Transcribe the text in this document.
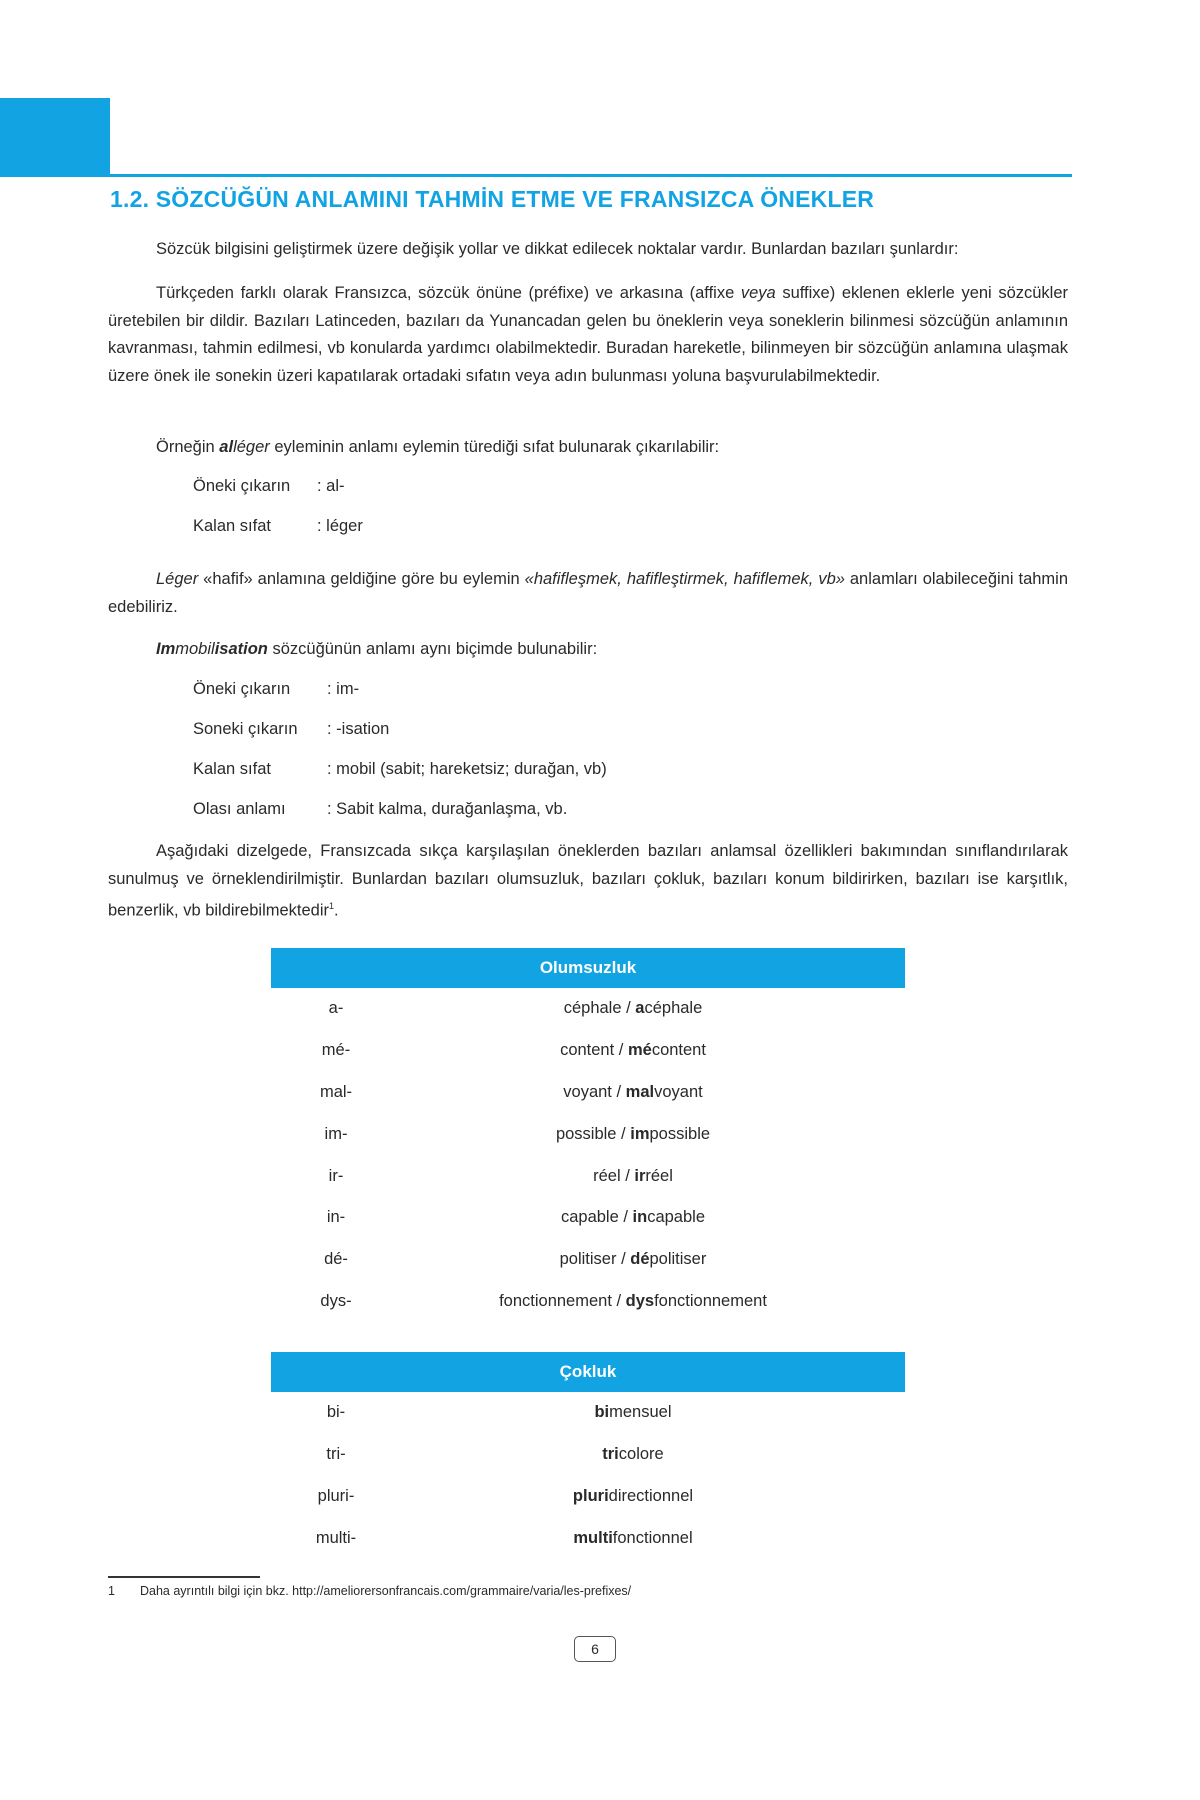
1.2. SÖZCÜĞÜN ANLAMINI TAHMİN ETME VE FRANSIZCA ÖNEKLER

Sözcük bilgisini geliştirmek üzere değişik yollar ve dikkat edilecek noktalar vardır. Bunlardan bazıları şunlardır:

Türkçeden farklı olarak Fransızca, sözcük önüne (préfixe) ve arkasına (affixe veya suffixe) eklenen eklerle yeni sözcükler üretebilen bir dildir. Bazıları Latinceden, bazıları da Yunancadan gelen bu öneklerin veya soneklerin bilinmesi sözcüğün anlamının kavranması, tahmin edilmesi, vb konularda yardımcı olabilmektedir. Buradan hareketle, bilinmeyen bir sözcüğün anlamına ulaşmak üzere önek ile sonekin üzeri kapatılarak ortadaki sıfatın veya adın bulunması yoluna başvurulabilmektedir.

Örneğin alléger eyleminin anlamı eylemin türediği sıfat bulunarak çıkarılabilir:

Öneki çıkarın : al-
Kalan sıfat	: léger

Léger «hafif» anlamına geldiğine göre bu eylemin «hafifleşmek, hafifleştirmek, hafiflemek, vb» anlamları olabileceğini tahmin edebiliriz.

Immobilisation sözcüğünün anlamı aynı biçimde bulunabilir:

Öneki çıkarın : im-
Soneki çıkarın : -isation
Kalan sıfat	: mobil (sabit; hareketsiz; durağan, vb)
Olası anlamı	: Sabit kalma, durağanlaşma, vb.

Aşağıdaki dizelgede, Fransızcada sıkça karşılaşılan öneklerden bazıları anlamsal özellikleri bakımından sınıflandırılarak sunulmuş ve örneklendirilmiştir. Bunlardan bazıları olumsuzluk, bazıları çokluk, bazıları konum bildirirken, bazıları ise karşıtlık, benzerlik, vb bildirebilmektedir$^1$.

Olumsuzluk
a-	céphale / acéphale
mé-	content / mécontent
mal-	voyant / malvoyant
im-	possible / impossible
ir-	réel / irréel
in-	capable / incapable
dé-	politiser / dépolitiser
dys-	fonctionnement / dysfonctionnement
Çokluk
bi-	bimensuel
tri-	tricolore
pluri-	pluridirectionnel
multi-	multifonctionnel
1 Daha ayrıntılı bilgi için bkz. http://ameliorersonfrancais.com/grammaire/varia/les-prefixes/
6
